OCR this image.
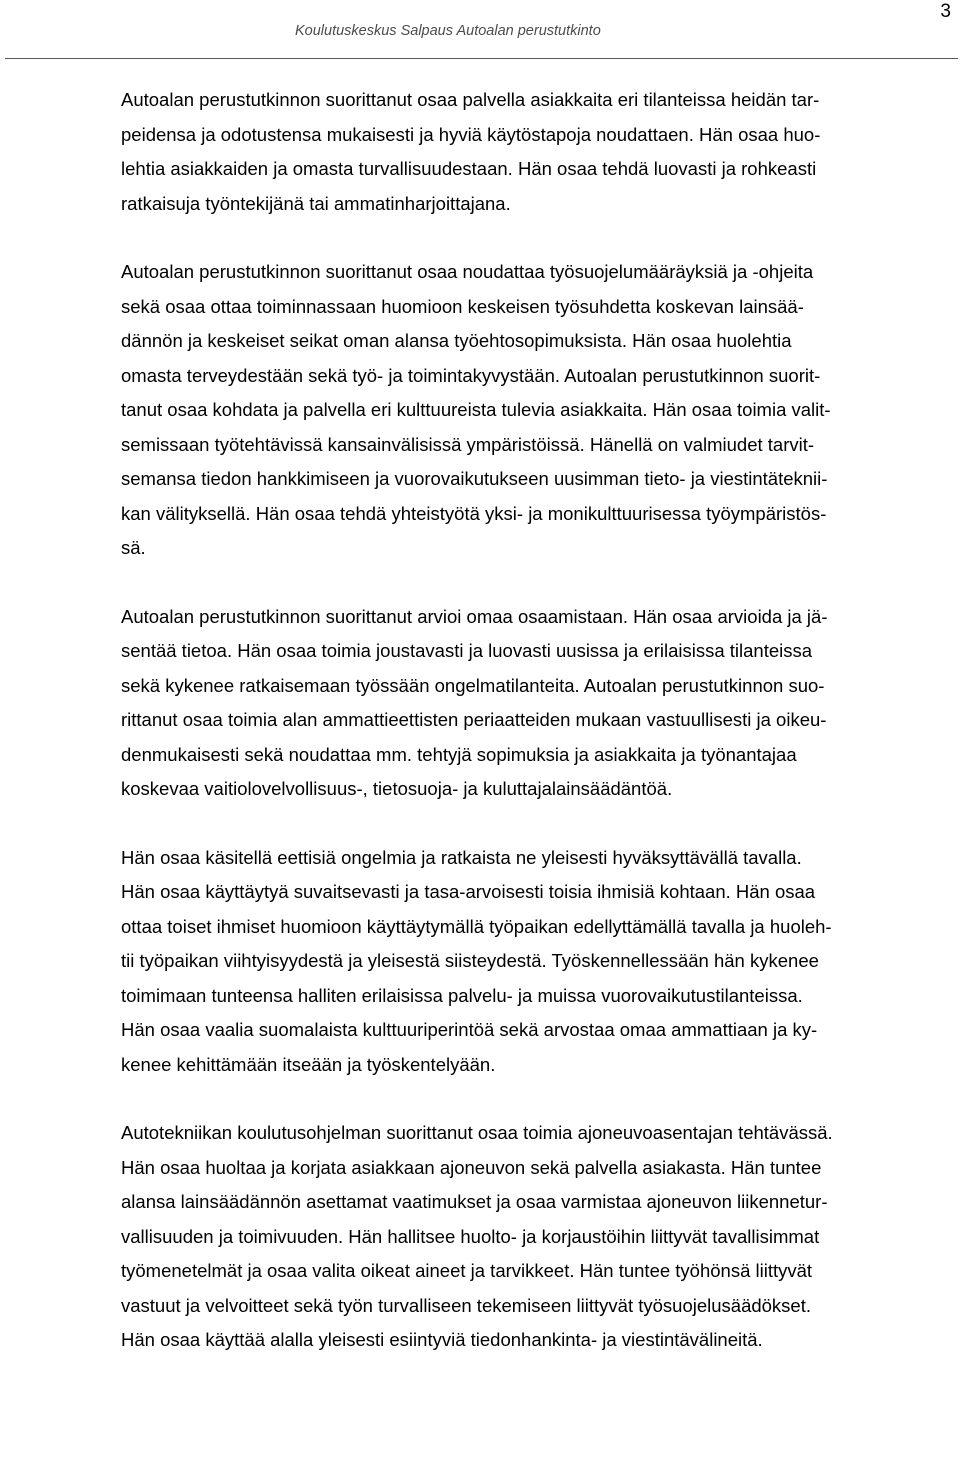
3
Koulutuskeskus Salpaus Autoalan perustutkinto
Autoalan perustutkinnon suorittanut osaa palvella asiakkaita eri tilanteissa heidän tar-
peidensa ja odotustensa mukaisesti ja hyviä käytöstapoja noudattaen. Hän osaa huo-
lehtia asiakkaiden ja omasta turvallisuudestaan. Hän osaa tehdä luovasti ja rohkeasti
ratkaisuja työntekijänä tai ammatinharjoittajana.
Autoalan perustutkinnon suorittanut osaa noudattaa työsuojelumääräyksiä ja -ohjeita
sekä osaa ottaa toiminnassaan huomioon keskeisen työsuhdetta koskevan lainsää-
dännön ja keskeiset seikat oman alansa työehtosopimuksista. Hän osaa huolehtia
omasta terveydestään sekä työ- ja toimintakyvystään. Autoalan perustutkinnon suorit-
tanut osaa kohdata ja palvella eri kulttuureista tulevia asiakkaita. Hän osaa toimia valit-
semissaan työtehtävissä kansainvälisissä ympäristöissä. Hänellä on valmiudet tarvit-
semansa tiedon hankkimiseen ja vuorovaikutukseen uusimman tieto- ja viestintäteknii-
kan välityksellä. Hän osaa tehdä yhteistyötä yksi- ja monikulttuurisessa työympäristös-
sä.
Autoalan perustutkinnon suorittanut arvioi omaa osaamistaan. Hän osaa arvioida ja jä-
sentää tietoa. Hän osaa toimia joustavasti ja luovasti uusissa ja erilaisissa tilanteissa
sekä kykenee ratkaisemaan työssään ongelmatilanteita. Autoalan perustutkinnon suo-
rittanut osaa toimia alan ammattieettisten periaatteiden mukaan vastuullisesti ja oikeu-
denmukaisesti sekä noudattaa mm. tehtyjä sopimuksia ja asiakkaita ja työnantajaa
koskevaa vaitiolovelvollisuus-, tietosuoja- ja kuluttajalainsäädäntöä.
Hän osaa käsitellä eettisiä ongelmia ja ratkaista ne yleisesti hyväksyttävällä tavalla.
Hän osaa käyttäytyä suvaitsevasti ja tasa-arvoisesti toisia ihmisiä kohtaan. Hän osaa
ottaa toiset ihmiset huomioon käyttäytymällä työpaikan edellyttämällä tavalla ja huoleh-
tii työpaikan viihtyisyydestä ja yleisestä siisteydestä. Työskennellessään hän kykenee
toimimaan tunteensa halliten erilaisissa palvelu- ja muissa vuorovaikutustilanteissa.
Hän osaa vaalia suomalaista kulttuuriperintöä sekä arvostaa omaa ammattiaan ja ky-
kenee kehittämään itseään ja työskentelyään.
Autotekniikan koulutusohjelman suorittanut osaa toimia ajoneuvoasentajan tehtävässä.
Hän osaa huoltaa ja korjata asiakkaan ajoneuvon sekä palvella asiakasta. Hän tuntee
alansa lainsäädännön asettamat vaatimukset ja osaa varmistaa ajoneuvon liikennetur-
vallisuuden ja toimivuuden. Hän hallitsee huolto- ja korjaustöihin liittyvät tavallisimmat
työmenetelmät ja osaa valita oikeat aineet ja tarvikkeet. Hän tuntee työhönsä liittyvät
vastuut ja velvoitteet sekä työn turvalliseen tekemiseen liittyvät työsuojelusäädökset.
Hän osaa käyttää alalla yleisesti esiintyviä tiedonhankinta- ja viestintävälineitä.
